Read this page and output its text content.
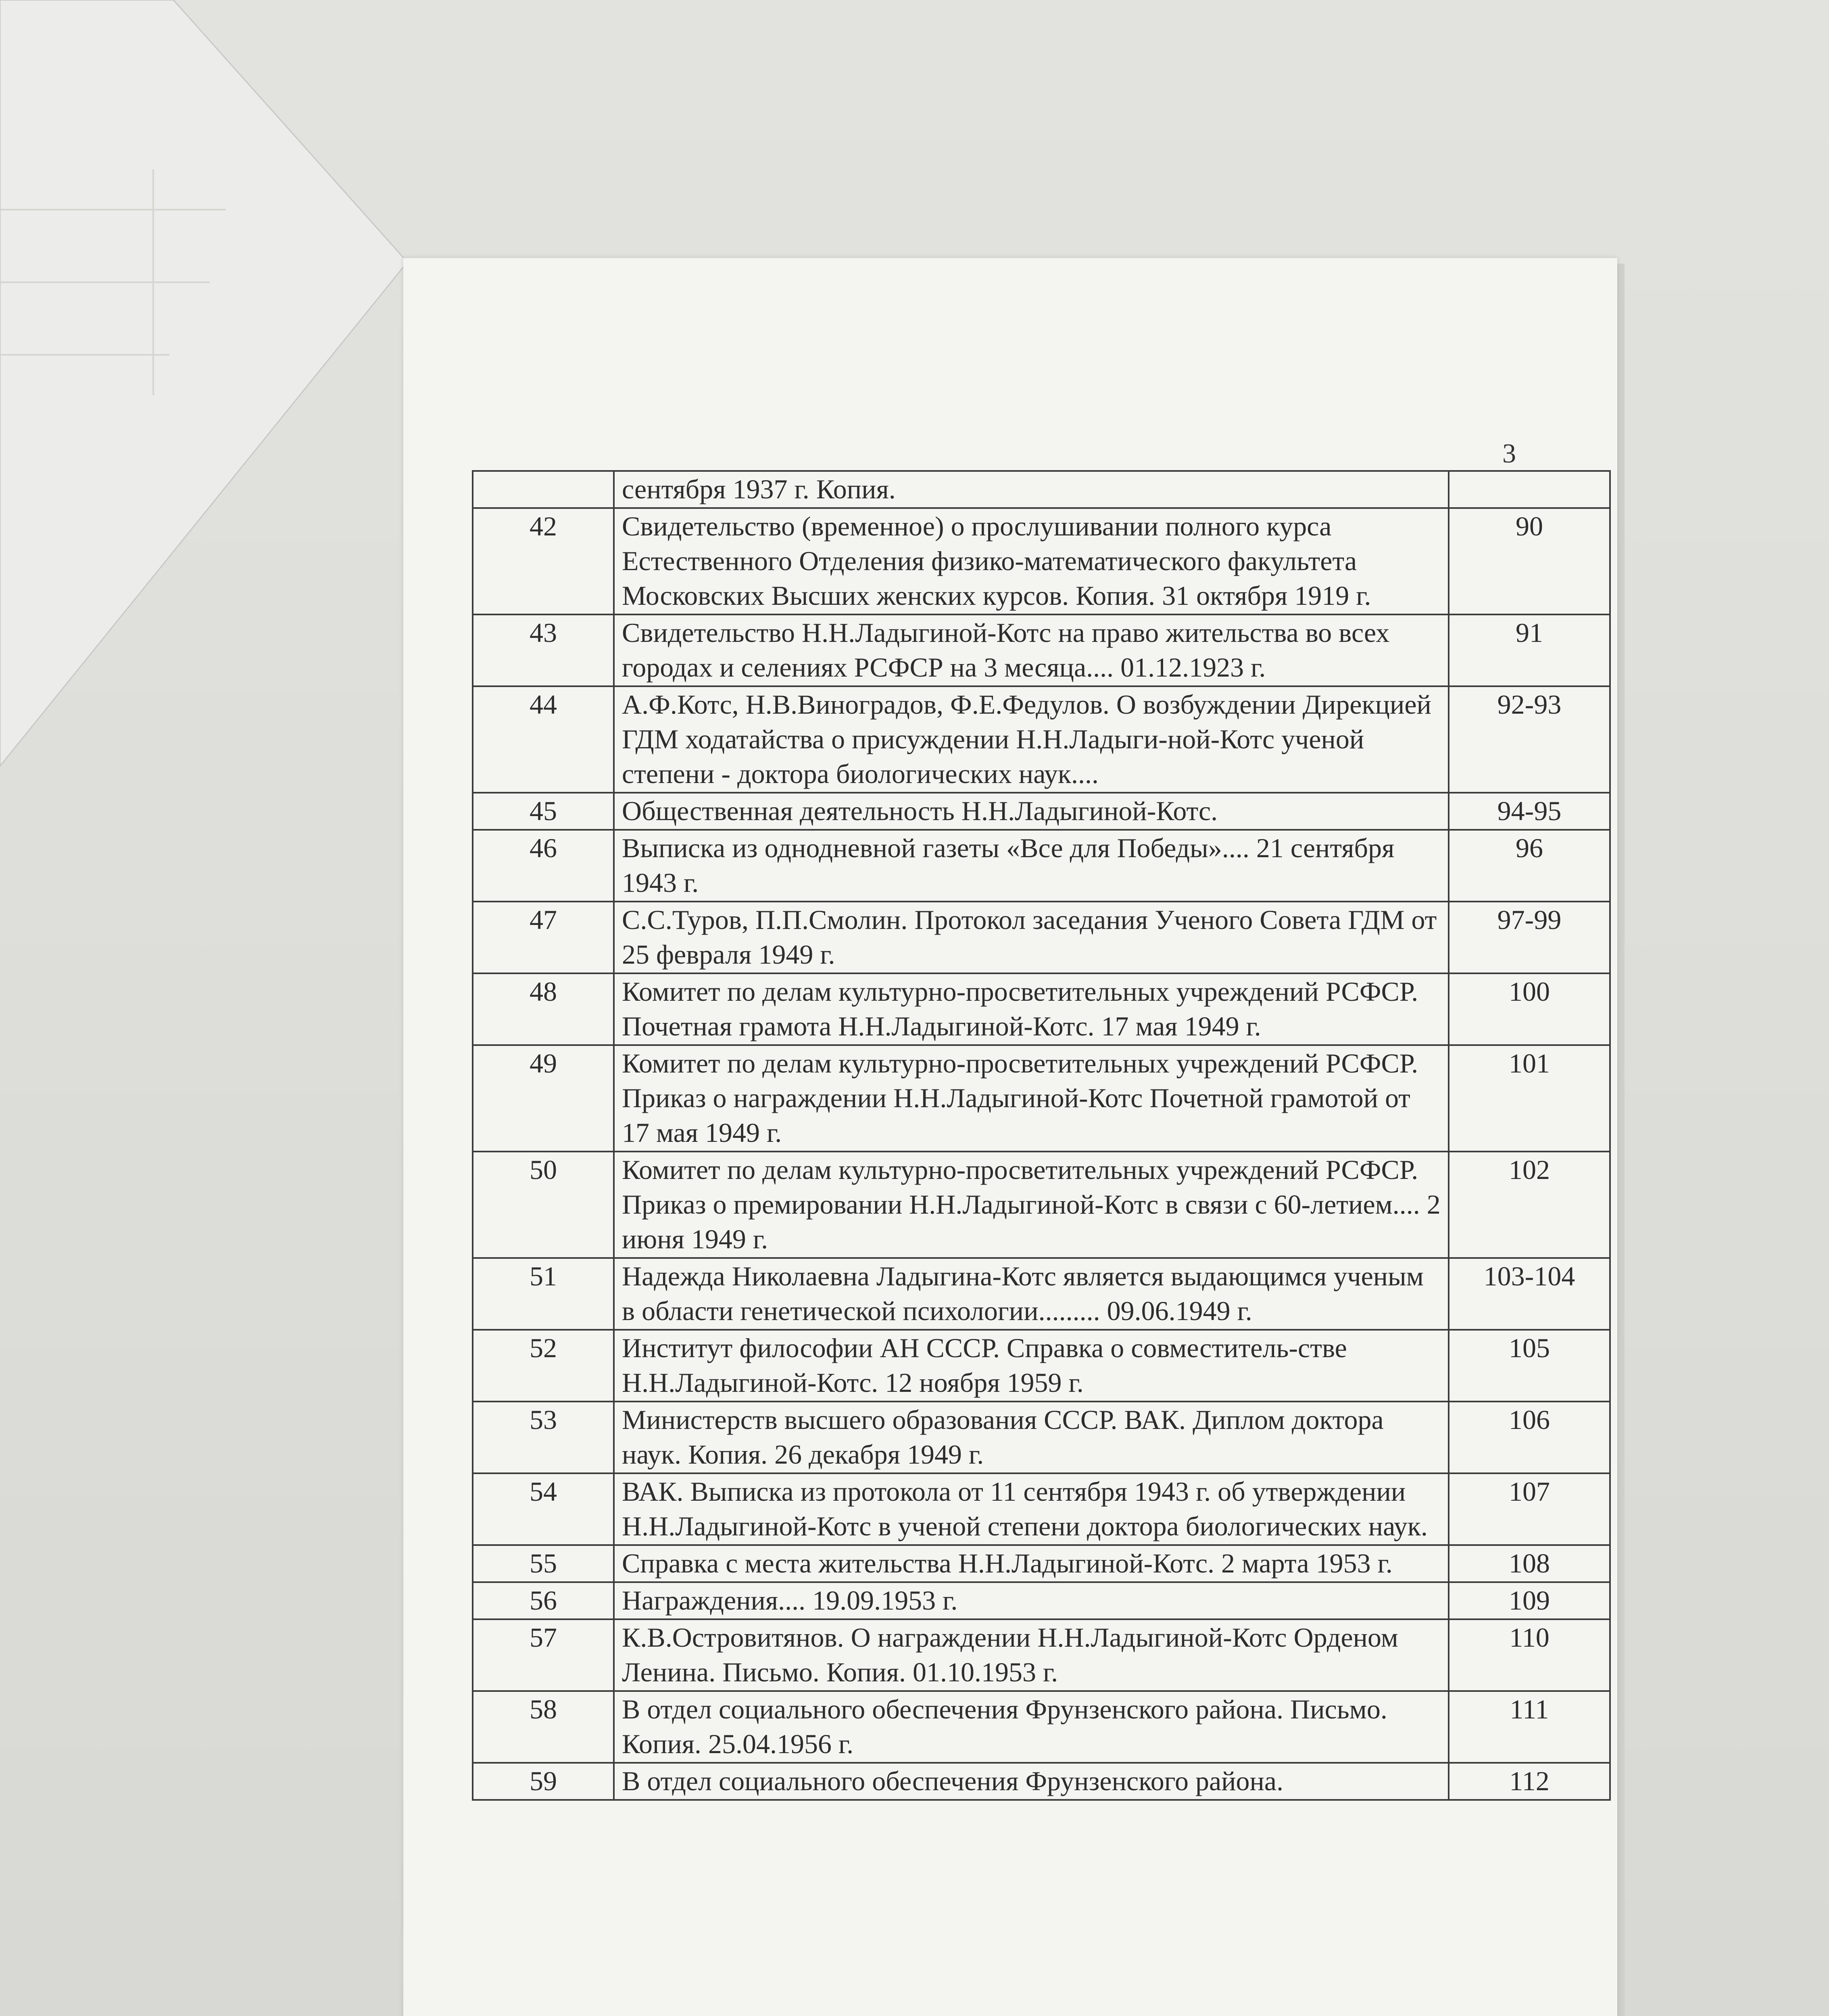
3
	сентября 1937 г. Копия.	
42	Свидетельство (временное) о прослушивании полного курса Естественного Отделения физико-математического факультета Московских Высших женских курсов. Копия. 31 октября 1919 г.	90
43	Свидетельство Н.Н.Ладыгиной-Котс на право жительства во всех городах и селениях РСФСР на 3 месяца.... 01.12.1923 г.	91
44	А.Ф.Котс, Н.В.Виноградов, Ф.Е.Федулов. О возбуждении Дирекцией ГДМ ходатайства о присуждении Н.Н.Ладыги-ной-Котс ученой степени - доктора биологических наук....	92-93
45	Общественная деятельность Н.Н.Ладыгиной-Котс.	94-95
46	Выписка из однодневной газеты «Все для Победы».... 21 сентября 1943 г.	96
47	С.С.Туров, П.П.Смолин. Протокол заседания Ученого Совета ГДМ от 25 февраля 1949 г.	97-99
48	Комитет по делам культурно-просветительных учреждений РСФСР. Почетная грамота Н.Н.Ладыгиной-Котс. 17 мая 1949 г.	100
49	Комитет по делам культурно-просветительных учреждений РСФСР. Приказ о награждении Н.Н.Ладыгиной-Котс Почетной грамотой от 17 мая 1949 г.	101
50	Комитет по делам культурно-просветительных учреждений РСФСР. Приказ о премировании Н.Н.Ладыгиной-Котс в связи с 60-летием.... 2 июня 1949 г.	102
51	Надежда Николаевна Ладыгина-Котс является выдающимся ученым в области генетической психологии......... 09.06.1949 г.	103-104
52	Институт философии АН СССР. Справка о совместитель-стве Н.Н.Ладыгиной-Котс. 12 ноября 1959 г.	105
53	Министерств высшего образования СССР. ВАК. Диплом доктора наук. Копия. 26 декабря 1949 г.	106
54	ВАК. Выписка из протокола от 11 сентября 1943 г. об утверждении Н.Н.Ладыгиной-Котс в ученой степени доктора биологических наук.	107
55	Справка с места жительства Н.Н.Ладыгиной-Котс. 2 марта 1953 г.	108
56	Награждения.... 19.09.1953 г.	109
57	К.В.Островитянов. О награждении Н.Н.Ладыгиной-Котс Орденом Ленина. Письмо. Копия. 01.10.1953 г.	110
58	В отдел социального обеспечения Фрунзенского района. Письмо. Копия. 25.04.1956 г.	111
59	В отдел социального обеспечения Фрунзенского района.	112
